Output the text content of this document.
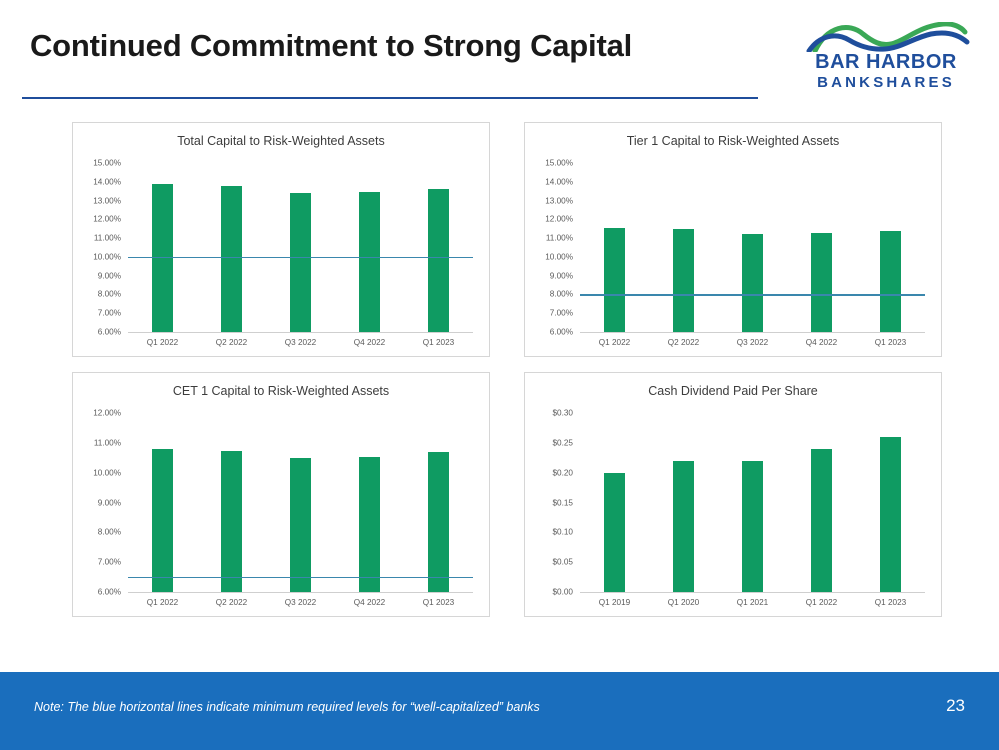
Continued Commitment to Strong Capital	BAR HARBOR
BANKSHARES
Total Capital to Risk-Weighted Assets
15.00%
14.00%
13.00%
12.00%
11.00%
10.00%
9.00%
8.00%
7.00%
6.00%
Q1 2022	Q2 2022	Q3 2022	Q4 2022	Q1 2023
Tier 1 Capital to Risk-Weighted Assets
15.00%
14.00%
13.00%
12.00%
11.00%
10.00%
9.00%
8.00%
7.00%
6.00%
Q1 2022	Q2 2022	Q3 2022	Q4 2022	Q1 2023
CET 1 Capital to Risk-Weighted Assets
12.00%
11.00%
10.00%
9.00%
8.00%
7.00%
6.00%
Q1 2022	Q2 2022	Q3 2022	Q4 2022	Q1 2023
Cash Dividend Paid Per Share
$0.30
$0.25
$0.20
$0.15
$0.10
$0.05
$0.00
Q1 2019	Q1 2020	Q1 2021	Q1 2022	Q1 2023
Note: The blue horizontal lines indicate minimum required levels for “well-capitalized” banks	23
